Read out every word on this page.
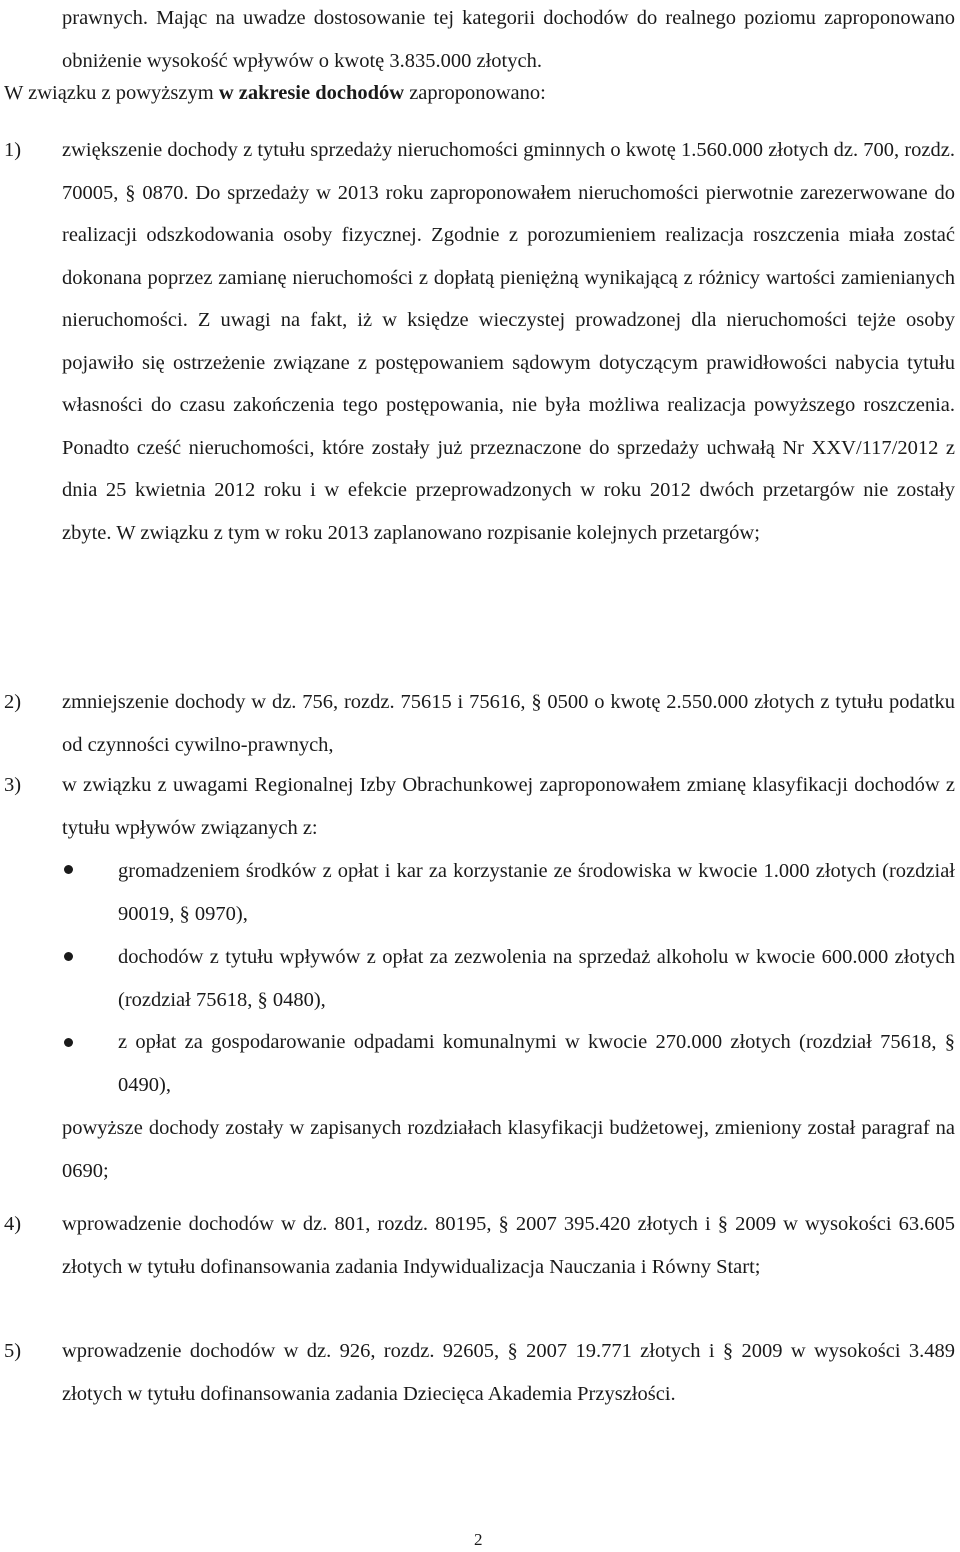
prawnych. Mając na uwadze dostosowanie tej kategorii dochodów do realnego poziomu zaproponowano obniżenie wysokość wpływów o kwotę 3.835.000 złotych.

W związku z powyższym w zakresie dochodów zaproponowano:

1) zwiększenie dochody z tytułu sprzedaży nieruchomości gminnych o kwotę 1.560.000 złotych dz. 700, rozdz. 70005, § 0870. Do sprzedaży w 2013 roku zaproponowałem nieruchomości pierwotnie zarezerwowane do realizacji odszkodowania osoby fizycznej. Zgodnie z porozumieniem realizacja roszczenia miała zostać dokonana poprzez zamianę nieruchomości z dopłatą pieniężną wynikającą z różnicy wartości zamienianych nieruchomości. Z uwagi na fakt, iż w księdze wieczystej prowadzonej dla nieruchomości tejże osoby pojawiło się ostrzeżenie związane z postępowaniem sądowym dotyczącym prawidłowości nabycia tytułu własności do czasu zakończenia tego postępowania, nie była możliwa realizacja powyższego roszczenia. Ponadto cześć nieruchomości, które zostały już przeznaczone do sprzedaży uchwałą Nr XXV/117/2012 z dnia 25 kwietnia 2012 roku i w efekcie przeprowadzonych w roku 2012 dwóch przetargów nie zostały zbyte. W związku z tym w roku 2013 zaplanowano rozpisanie kolejnych przetargów;

2) zmniejszenie dochody w dz. 756, rozdz. 75615 i 75616, § 0500 o kwotę 2.550.000 złotych z tytułu podatku od czynności cywilno-prawnych,

3) w związku z uwagami Regionalnej Izby Obrachunkowej zaproponowałem zmianę klasyfikacji dochodów z tytułu wpływów związanych z:

gromadzeniem środków z opłat i kar za korzystanie ze środowiska w kwocie 1.000 złotych (rozdział 90019, § 0970),

dochodów z tytułu wpływów z opłat za zezwolenia na sprzedaż alkoholu w kwocie 600.000 złotych (rozdział 75618, § 0480),

z opłat za gospodarowanie odpadami komunalnymi w kwocie 270.000 złotych (rozdział 75618, § 0490),

powyższe dochody zostały w zapisanych rozdziałach klasyfikacji budżetowej, zmieniony został paragraf na 0690;

4) wprowadzenie dochodów w dz. 801, rozdz. 80195, § 2007 395.420 złotych i § 2009 w wysokości 63.605 złotych w tytułu dofinansowania zadania Indywidualizacja Nauczania i Równy Start;

5) wprowadzenie dochodów w dz. 926, rozdz. 92605, § 2007 19.771 złotych i § 2009 w wysokości 3.489 złotych w tytułu dofinansowania zadania Dziecięca Akademia Przyszłości.

2
